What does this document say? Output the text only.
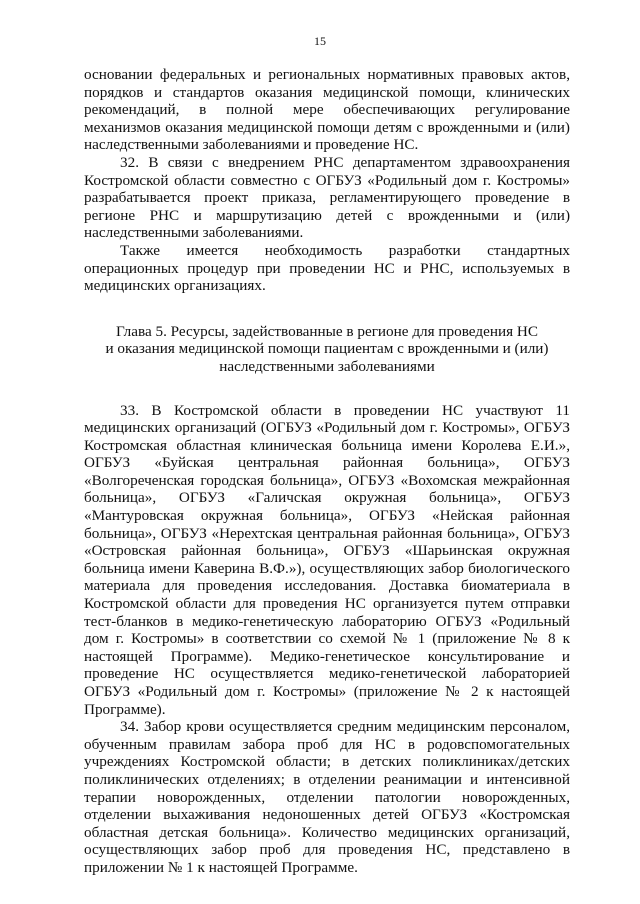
15

основании федеральных и региональных нормативных правовых актов, порядков и стандартов оказания медицинской помощи, клинических рекомендаций, в полной мере обеспечивающих регулирование механизмов оказания медицинской помощи детям с врожденными и (или) наследственными заболеваниями и проведение НС.

32. В связи с внедрением РНС департаментом здравоохранения Костромской области совместно с ОГБУЗ «Родильный дом г. Костромы» разрабатывается проект приказа, регламентирующего проведение в регионе РНС и маршрутизацию детей с врожденными и (или) наследственными заболеваниями.

Также имеется необходимость разработки стандартных операционных процедур при проведении НС и РНС, используемых в медицинских организациях.

Глава 5. Ресурсы, задействованные в регионе для проведения НС
и оказания медицинской помощи пациентам с врожденными и (или)
наследственными заболеваниями

33. В Костромской области в проведении НС участвуют 11 медицинских организаций (ОГБУЗ «Родильный дом г. Костромы», ОГБУЗ Костромская областная клиническая больница имени Королева Е.И.», ОГБУЗ «Буйская центральная районная больница», ОГБУЗ «Волгореченская городская больница», ОГБУЗ «Вохомская межрайонная больница», ОГБУЗ «Галичская окружная больница», ОГБУЗ «Мантуровская окружная больница», ОГБУЗ «Нейская районная больница», ОГБУЗ «Нерехтская центральная районная больница», ОГБУЗ «Островская районная больница», ОГБУЗ «Шарьинская окружная больница имени Каверина В.Ф.»), осуществляющих забор биологического материала для проведения исследования. Доставка биоматериала в Костромской области для проведения НС организуется путем отправки тест-бланков в медико-генетическую лабораторию ОГБУЗ «Родильный дом г. Костромы» в соответствии со схемой № 1 (приложение № 8 к настоящей Программе). Медико-генетическое консультирование и проведение НС осуществляется медико-генетической лабораторией ОГБУЗ «Родильный дом г. Костромы» (приложение № 2 к настоящей Программе).

34. Забор крови осуществляется средним медицинским персоналом, обученным правилам забора проб для НС в родовспомогательных учреждениях Костромской области; в детских поликлиниках/детских поликлинических отделениях; в отделении реанимации и интенсивной терапии новорожденных, отделении патологии новорожденных, отделении выхаживания недоношенных детей ОГБУЗ «Костромская областная детская больница». Количество медицинских организаций, осуществляющих забор проб для проведения НС, представлено в приложении № 1 к настоящей Программе.
